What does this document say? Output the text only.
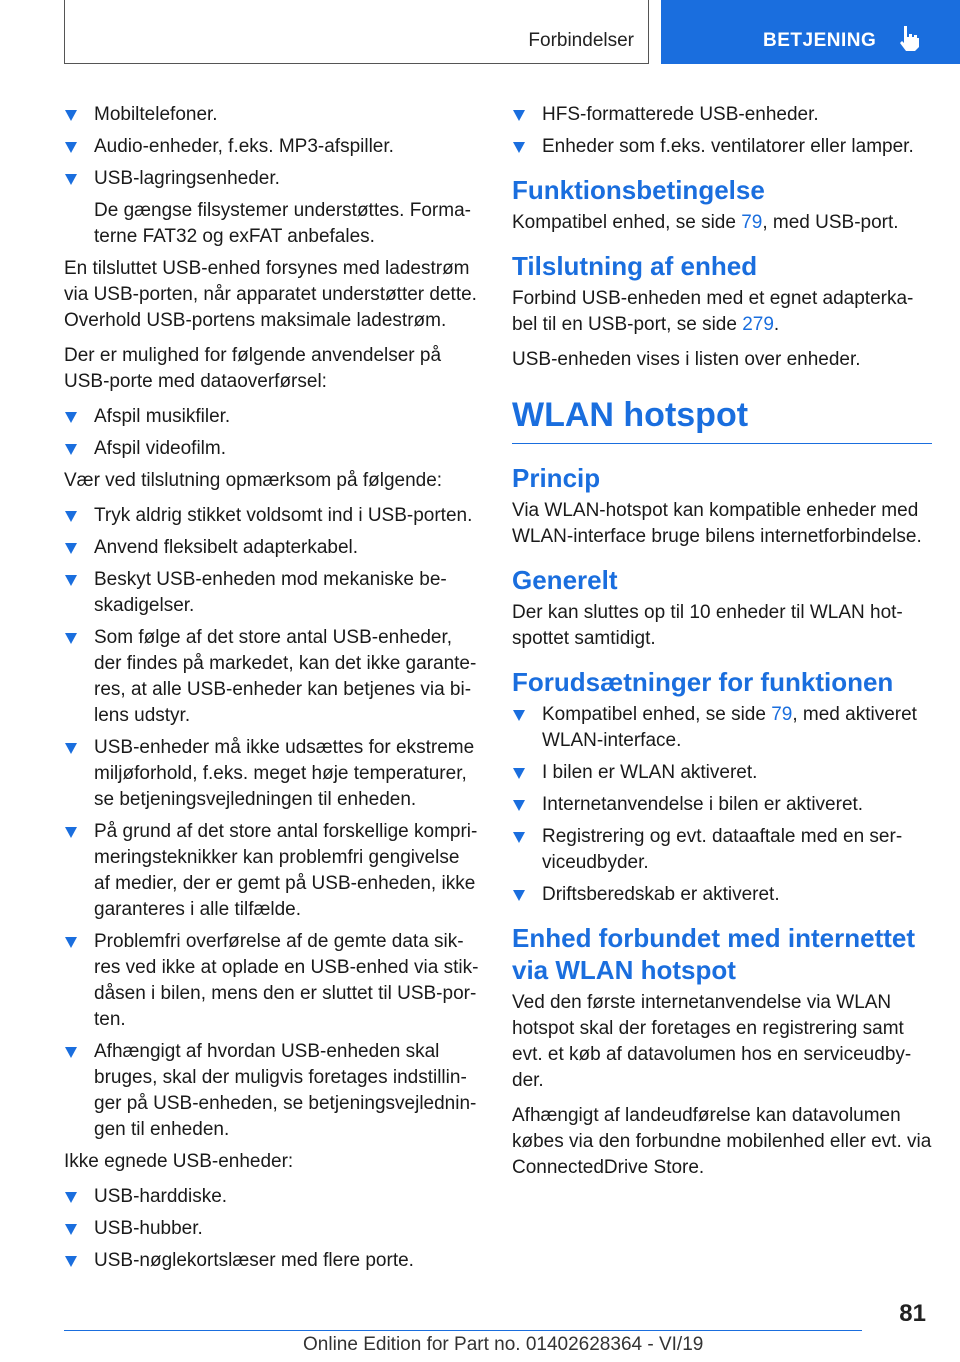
Forbindelser	BETJENING
Mobiltelefoner.
Audio-enheder, f.eks. MP3-afspiller.
USB-lagringsenheder.
De gængse filsystemer understøttes. Formaterne FAT32 og exFAT anbefales.

En tilsluttet USB-enhed forsynes med ladestrøm via USB-porten, når apparatet understøtter dette. Overhold USB-portens maksimale ladestrøm.

Der er mulighed for følgende anvendelser på USB-porte med dataoverførsel:

Afspil musikfiler.
Afspil videofilm.

Vær ved tilslutning opmærksom på følgende:

Tryk aldrig stikket voldsomt ind i USB-porten.
Anvend fleksibelt adapterkabel.
Beskyt USB-enheden mod mekaniske beskadigelser.
Som følge af det store antal USB-enheder, der findes på markedet, kan det ikke garanteres, at alle USB-enheder kan betjenes via bilens udstyr.
USB-enheder må ikke udsættes for ekstreme miljøforhold, f.eks. meget høje temperaturer, se betjeningsvejledningen til enheden.
På grund af det store antal forskellige komprimeringsteknikker kan problemfri gengivelse af medier, der er gemt på USB-enheden, ikke garanteres i alle tilfælde.
Problemfri overførelse af de gemte data sikres ved ikke at oplade en USB-enhed via stikdåsen i bilen, mens den er sluttet til USB-porten.
Afhængigt af hvordan USB-enheden skal bruges, skal der muligvis foretages indstillinger på USB-enheden, se betjeningsvejledningen til enheden.

Ikke egnede USB-enheder:

USB-harddiske.
USB-hubber.
USB-nøglekortslæser med flere porte.
HFS-formatterede USB-enheder.
Enheder som f.eks. ventilatorer eller lamper.
Funktionsbetingelse

Kompatibel enhed, se side 79, med USB-port.

Tilslutning af enhed

Forbind USB-enheden med et egnet adapterkabel til en USB-port, se side 279.

USB-enheden vises i listen over enheder.

WLAN hotspot
Princip

Via WLAN-hotspot kan kompatible enheder med WLAN-interface bruge bilens internetforbindelse.

Generelt

Der kan sluttes op til 10 enheder til WLAN hotspottet samtidigt.

Forudsætninger for funktionen
Kompatibel enhed, se side 79, med aktiveret WLAN-interface.
I bilen er WLAN aktiveret.
Internetanvendelse i bilen er aktiveret.
Registrering og evt. dataaftale med en serviceudbyder.
Driftsberedskab er aktiveret.
Enhed forbundet med internettet via WLAN hotspot

Ved den første internetanvendelse via WLAN hotspot skal der foretages en registrering samt evt. et køb af datavolumen hos en serviceudbyder.

Afhængigt af landeudførelse kan datavolumen købes via den forbundne mobilenhed eller evt. via ConnectedDrive Store.

81
Online Edition for Part no. 01402628364 - VI/19
